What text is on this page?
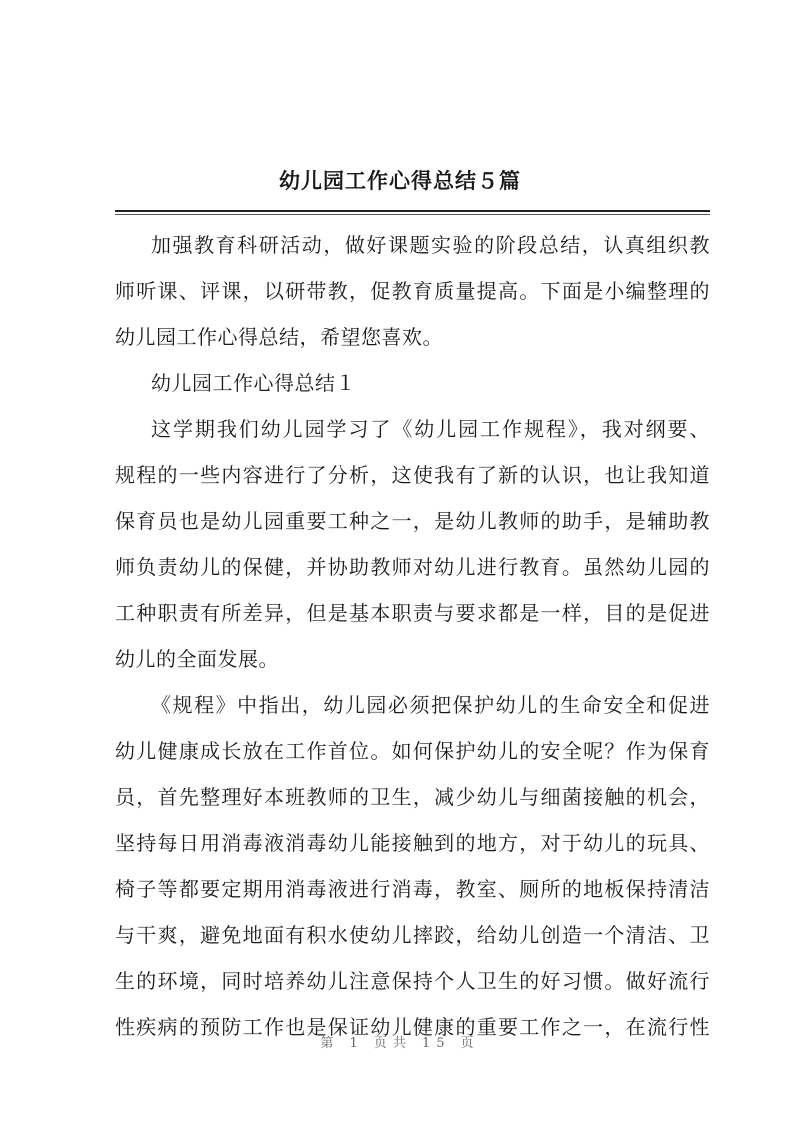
幼儿园工作心得总结５篇
加强教育科研活动，做好课题实验的阶段总结，认真组织教
师听课、评课，以研带教，促教育质量提高。下面是小编整理的
幼儿园工作心得总结，希望您喜欢。
幼儿园工作心得总结１
这学期我们幼儿园学习了《幼儿园工作规程》，我对纲要、
规程的一些内容进行了分析，这使我有了新的认识，也让我知道
保育员也是幼儿园重要工种之一，是幼儿教师的助手，是辅助教
师负责幼儿的保健，并协助教师对幼儿进行教育。虽然幼儿园的
工种职责有所差异，但是基本职责与要求都是一样，目的是促进
幼儿的全面发展。
《规程》中指出，幼儿园必须把保护幼儿的生命安全和促进
幼儿健康成长放在工作首位。如何保护幼儿的安全呢？作为保育
员，首先整理好本班教师的卫生，减少幼儿与细菌接触的机会，
坚持每日用消毒液消毒幼儿能接触到的地方，对于幼儿的玩具、
椅子等都要定期用消毒液进行消毒，教室、厕所的地板保持清洁
与干爽，避免地面有积水使幼儿摔跤，给幼儿创造一个清洁、卫
生的环境，同时培养幼儿注意保持个人卫生的好习惯。做好流行
性疾病的预防工作也是保证幼儿健康的重要工作之一，在流行性
第 1 页共 15 页
